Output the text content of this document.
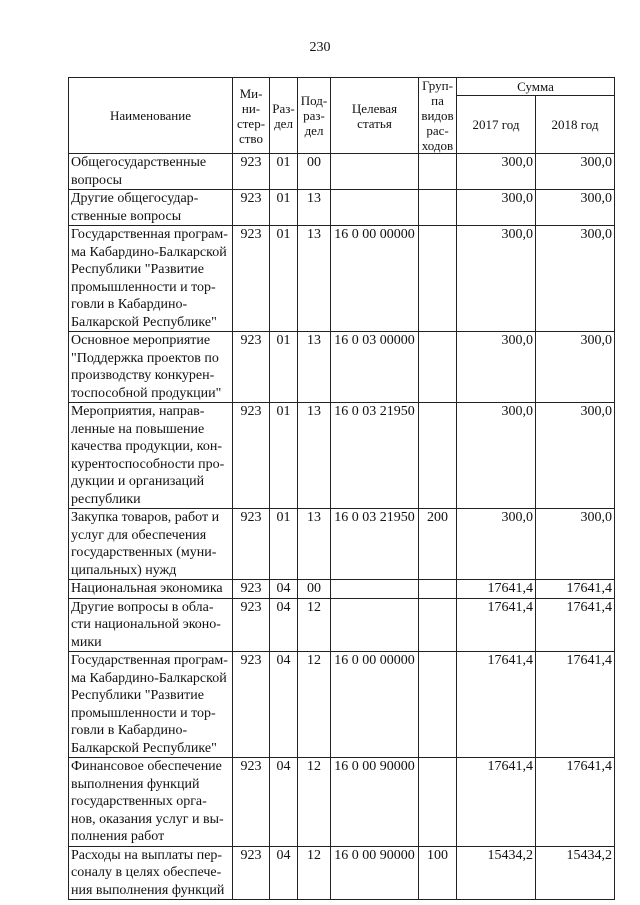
230
Наименование	Ми-
ни-
стер-
ство	Раз-
дел	Под-
раз-
дел	Целевая
статья	Груп-
па
видов
рас-
ходов	Сумма	
						2017 год	2018 год
Общегосударственные вопросы	923	01	00			300,0	300,0
Другие общегосудар-ственные вопросы	923	01	13			300,0	300,0
Государственная програм-ма Кабардино-Балкарской Республики "Развитие промышленности и тор-говли в Кабардино-Балкарской Республике"	923	01	13	16 0 00 00000		300,0	300,0
Основное мероприятие "Поддержка проектов по производству конкурен-тоспособной продукции"	923	01	13	16 0 03 00000		300,0	300,0
Мероприятия, направ-ленные на повышение качества продукции, кон-курентоспособности про-дукции и организаций республики	923	01	13	16 0 03 21950		300,0	300,0
Закупка товаров, работ и услуг для обеспечения государственных (муни-ципальных) нужд	923	01	13	16 0 03 21950	200	300,0	300,0
Национальная экономика	923	04	00			17641,4	17641,4
Другие вопросы в обла-сти национальной эконо-мики	923	04	12			17641,4	17641,4
Государственная програм-ма Кабардино-Балкарской Республики "Развитие промышленности и тор-говли в Кабардино-Балкарской Республике"	923	04	12	16 0 00 00000		17641,4	17641,4
Финансовое обеспечение выполнения функций государственных орга-нов, оказания услуг и вы-полнения работ	923	04	12	16 0 00 90000		17641,4	17641,4
Расходы на выплаты пер-соналу в целях обеспече-ния выполнения функций	923	04	12	16 0 00 90000	100	15434,2	15434,2
